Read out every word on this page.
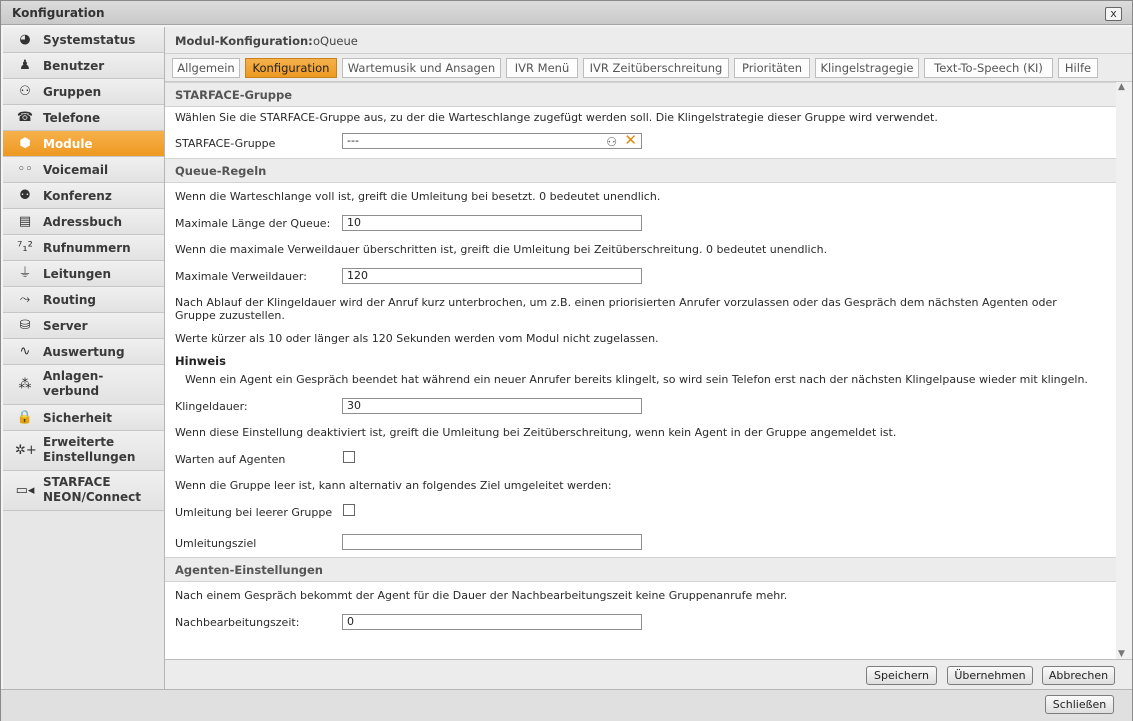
Konfiguration	x
◕	Systemstatus
♟	Benutzer
⚇	Gruppen
☎ Telefone
⬢	Module
◦◦ Voicemail
⚉	Konferenz
▤ Adressbuch
⁷₁² Rufnummern
⏚ Leitungen
⤳	Routing
⛁	Server
∿	Auswertung
⁂
Anlagen-
verbund
🔒 Sicherheit
✲+
Erweiterte
Einstellungen
▭◂
STARFACE
NEON/Connect
Modul-Konfiguration: oQueue
Allgemein	Konfiguration	Wartemusik und Ansagen	IVR Menü	IVR Zeitüberschreitung	Prioritäten	Klingelstragegie	Text-To-Speech (KI)	Hilfe
STARFACE-Gruppe
Wählen Sie die STARFACE-Gruppe aus, zu der die Warteschlange zugefügt werden soll. Die Klingelstrategie dieser Gruppe wird verwendet.
STARFACE-Gruppe	---	⚇ ✕
Queue-Regeln
Wenn die Warteschlange voll ist, greift die Umleitung bei besetzt. 0 bedeutet unendlich.
Maximale Länge der Queue:	10
Wenn die maximale Verweildauer überschritten ist, greift die Umleitung bei Zeitüberschreitung. 0 bedeutet unendlich.
Maximale Verweildauer:	120
Nach Ablauf der Klingeldauer wird der Anruf kurz unterbrochen, um z.B. einen priorisierten Anrufer vorzulassen oder das Gespräch dem nächsten Agenten oder Gruppe zuzustellen.
Werte kürzer als 10 oder länger als 120 Sekunden werden vom Modul nicht zugelassen.
Hinweis
Wenn ein Agent ein Gespräch beendet hat während ein neuer Anrufer bereits klingelt, so wird sein Telefon erst nach der nächsten Klingelpause wieder mit klingeln.
Klingeldauer:	30
Wenn diese Einstellung deaktiviert ist, greift die Umleitung bei Zeitüberschreitung, wenn kein Agent in der Gruppe angemeldet ist.
Warten auf Agenten
Wenn die Gruppe leer ist, kann alternativ an folgendes Ziel umgeleitet werden:
Umleitung bei leerer Gruppe
Umleitungsziel
Agenten-Einstellungen
Nach einem Gespräch bekommt der Agent für die Dauer der Nachbearbeitungszeit keine Gruppenanrufe mehr.
Nachbearbeitungszeit:	0
▲
▼
Speichern	Übernehmen	Abbrechen
Schließen
